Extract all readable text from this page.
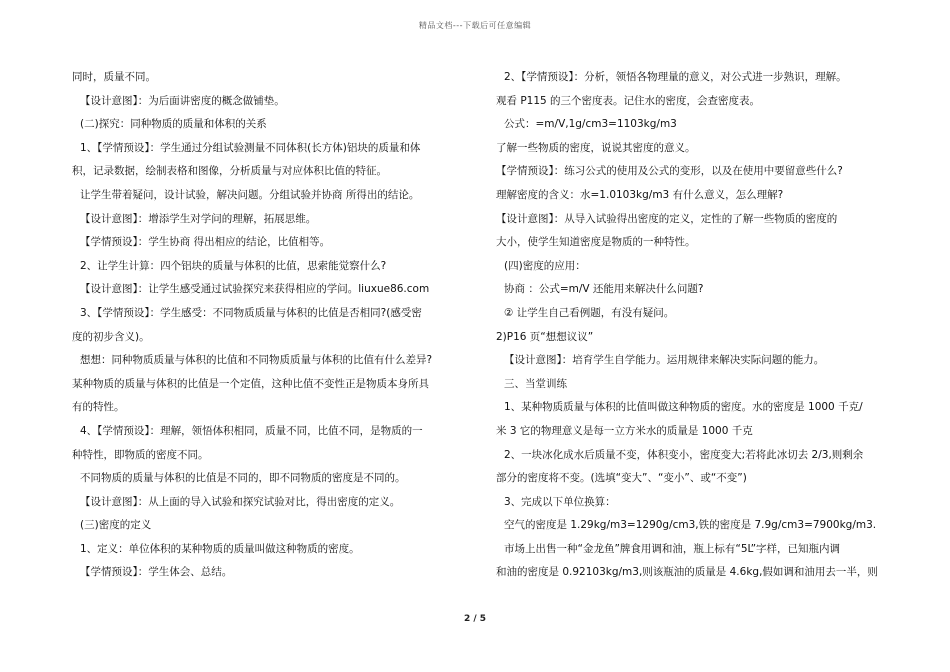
精品文档---下载后可任意编辑
同时，质量不同。
【设计意图】：为后面讲密度的概念做铺垫。
(二)探究：同种物质的质量和体积的关系
1、【学情预设】：学生通过分组试验测量不同体积(长方体)铝块的质量和体
积，记录数据，绘制表格和图像，分析质量与对应体积比值的特征。
让学生带着疑问，设计试验，解决问题。分组试验并协商 所得出的结论。
【设计意图】：增添学生对学问的理解，拓展思维。
【学情预设】：学生协商 得出相应的结论，比值相等。
2、让学生计算：四个铝块的质量与体积的比值，思索能觉察什么?
【设计意图】：让学生感受通过试验探究来获得相应的学问。liuxue86.com
3、【学情预设】：学生感受：不同物质质量与体积的比值是否相同?(感受密
度的初步含义)。
想想：同种物质质量与体积的比值和不同物质质量与体积的比值有什么差异?
某种物质的质量与体积的比值是一个定值，这种比值不变性正是物质本身所具
有的特性。
4、【学情预设】：理解，领悟体积相同，质量不同，比值不同，是物质的一
种特性，即物质的密度不同。
不同物质的质量与体积的比值是不同的，即不同物质的密度是不同的。
【设计意图】：从上面的导入试验和探究试验对比，得出密度的定义。
(三)密度的定义
1、定义：单位体积的某种物质的质量叫做这种物质的密度。
【学情预设】：学生体会、总结。
2、【学情预设】：分析，领悟各物理量的意义，对公式进一步熟识，理解。
观看 P115 的三个密度表。记住水的密度，会查密度表。
公式：=m/V,1g/cm3=1103kg/m3
了解一些物质的密度，说说其密度的意义。
【学情预设】：练习公式的使用及公式的变形，以及在使用中要留意些什么?
理解密度的含义：水=1.0103kg/m3 有什么意义，怎么理解?
【设计意图】：从导入试验得出密度的定义，定性的了解一些物质的密度的
大小，使学生知道密度是物质的一种特性。
(四)密度的应用：
协商 ：公式=m/V 还能用来解决什么问题?
② 让学生自己看例题，有没有疑问。
2)P16 页“想想议议”
【设计意图】：培育学生自学能力。运用规律来解决实际问题的能力。
三、当堂训练
1、某种物质质量与体积的比值叫做这种物质的密度。水的密度是 1000 千克/
米 3 它的物理意义是每一立方米水的质量是 1000 千克
2、一块冰化成水后质量不变，体积变小，密度变大;若将此冰切去 2/3,则剩余
部分的密度将不变。(选填“变大”、“变小”、或“不变”)
3、完成以下单位换算：
空气的密度是 1.29kg/m3=1290g/cm3,铁的密度是 7.9g/cm3=7900kg/m3.
市场上出售一种“金龙鱼”牌食用调和油，瓶上标有“5L”字样，已知瓶内调
和油的密度是 0.92103kg/m3,则该瓶油的质量是 4.6kg,假如调和油用去一半，则
2 / 5
